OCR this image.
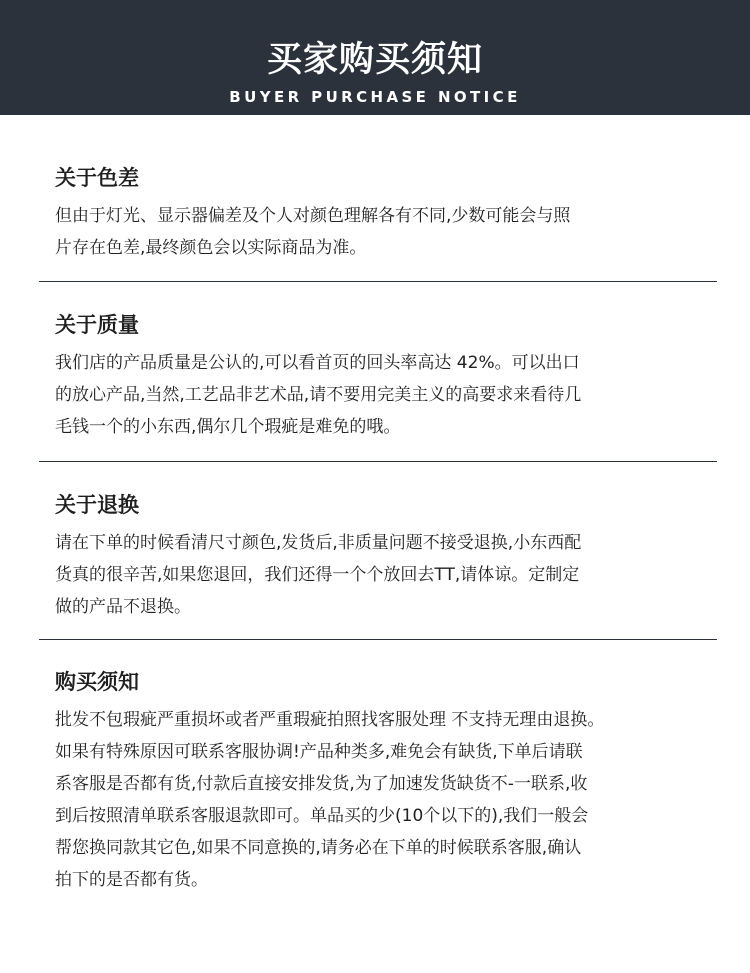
买家购买须知
BUYER PURCHASE NOTICE
关于色差
但由于灯光、显示器偏差及个人对颜色理解各有不同,少数可能会与照
片存在色差,最终颜色会以实际商品为准。
关于质量
我们店的产品质量是公认的,可以看首页的回头率高达 42%。可以出口
的放心产品,当然,工艺品非艺术品,请不要用完美主义的高要求来看待几
毛钱一个的小东西,偶尔几个瑕疵是难免的哦。
关于退换
请在下单的时候看清尺寸颜色,发货后,非质量问题不接受退换,小东西配
货真的很辛苦,如果您退回，我们还得一个个放回去TT,请体谅。定制定
做的产品不退换。
购买须知
批发不包瑕疵严重损坏或者严重瑕疵拍照找客服处理 不支持无理由退换。
如果有特殊原因可联系客服协调!产品种类多,难免会有缺货,下单后请联
系客服是否都有货,付款后直接安排发货,为了加速发货缺货不-一联系,收
到后按照清单联系客服退款即可。单品买的少(10个以下的),我们一般会
帮您换同款其它色,如果不同意换的,请务必在下单的时候联系客服,确认
拍下的是否都有货。
